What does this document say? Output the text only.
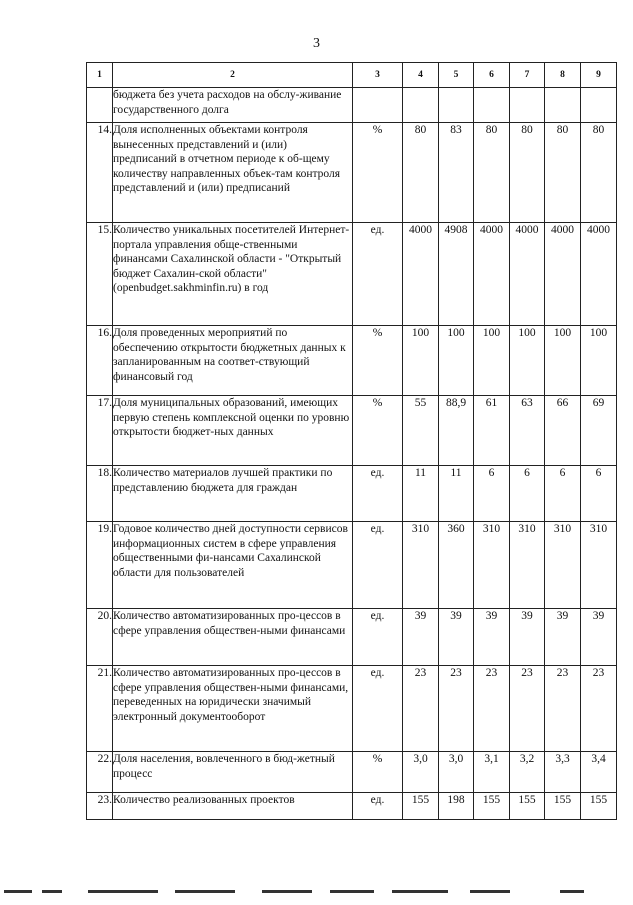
3
1	2	3	4	5	6	7	8	9
	бюджета без учета расходов на обслу-живание государственного долга							
14.	Доля исполненных объектами контроля вынесенных представлений и (или) предписаний в отчетном периоде к об-щему количеству направленных объек-там контроля представлений и (или) предписаний	%	80	83	80	80	80	80
15.	Количество уникальных посетителей Интернет-портала управления обще-ственными финансами Сахалинской области - "Открытый бюджет Сахалин-ской области" (openbudget.sakhminfin.ru) в год	ед.	4000	4908	4000	4000	4000	4000
16.	Доля проведенных мероприятий по обеспечению открытости бюджетных данных к запланированным на соответ-ствующий финансовый год	%	100	100	100	100	100	100
17.	Доля муниципальных образований, имеющих первую степень комплексной оценки по уровню открытости бюджет-ных данных	%	55	88,9	61	63	66	69
18.	Количество материалов лучшей практики по представлению бюджета для граждан	ед.	11	11	6	6	6	6
19.	Годовое количество дней доступности сервисов информационных систем в сфере управления общественными фи-нансами Сахалинской области для пользователей	ед.	310	360	310	310	310	310
20.	Количество автоматизированных про-цессов в сфере управления обществен-ными финансами	ед.	39	39	39	39	39	39
21.	Количество автоматизированных про-цессов в сфере управления обществен-ными финансами, переведенных на юридически значимый электронный документооборот	ед.	23	23	23	23	23	23
22.	Доля населения, вовлеченного в бюд-жетный процесс	%	3,0	3,0	3,1	3,2	3,3	3,4
23.	Количество реализованных проектов	ед.	155	198	155	155	155	155
